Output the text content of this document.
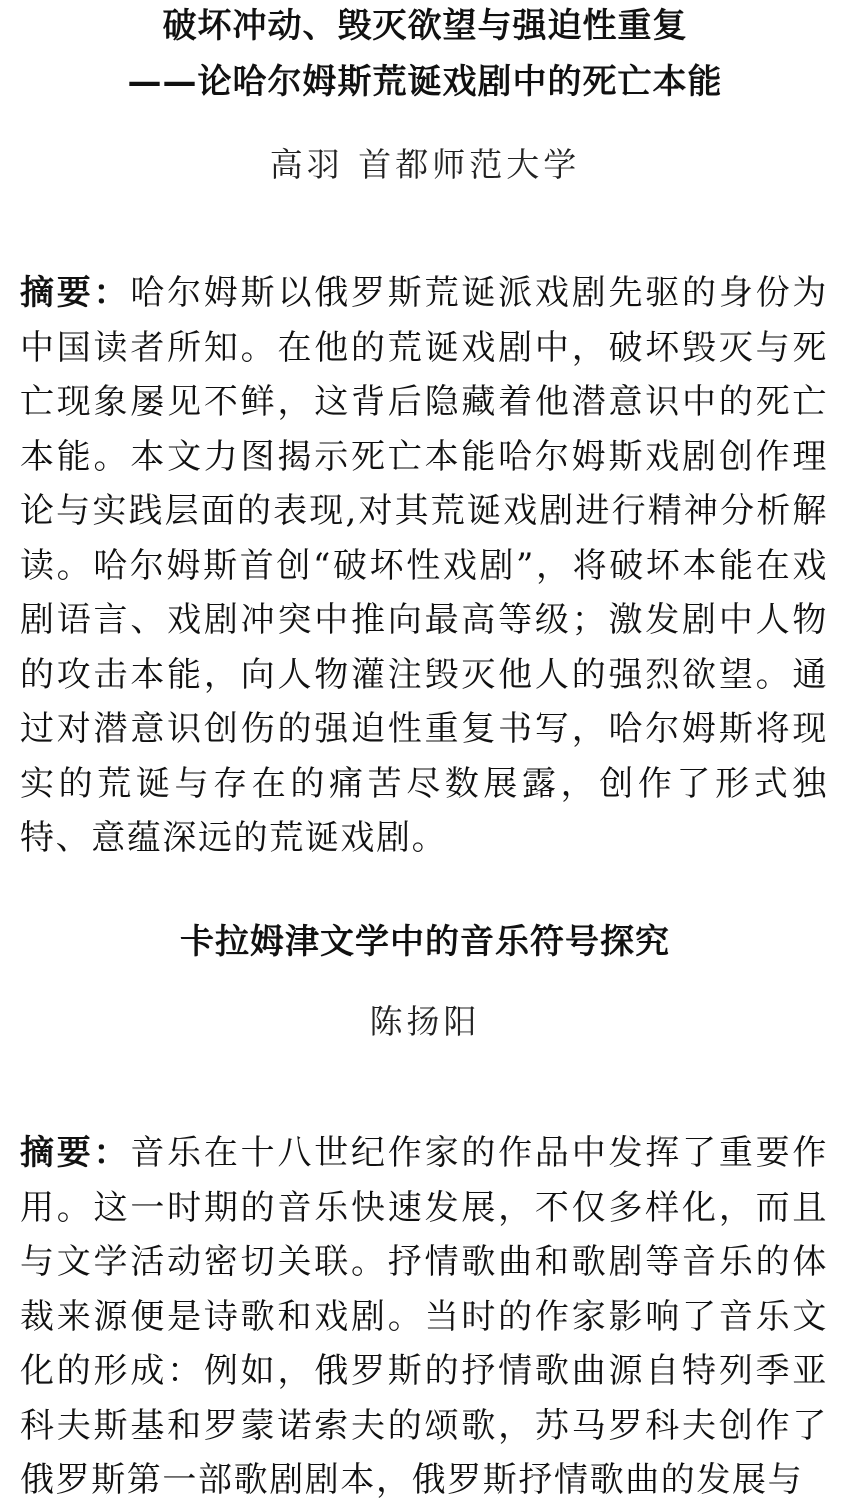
破坏冲动、毁灭欲望与强迫性重复
——论哈尔姆斯荒诞戏剧中的死亡本能

高羽 首都师范大学

摘要：哈尔姆斯以俄罗斯荒诞派戏剧先驱的身份为中国读者所知。在他的荒诞戏剧中，破坏毁灭与死亡现象屡见不鲜，这背后隐藏着他潜意识中的死亡本能。本文力图揭示死亡本能哈尔姆斯戏剧创作理论与实践层面的表现,对其荒诞戏剧进行精神分析解读。哈尔姆斯首创“破坏性戏剧”，将破坏本能在戏剧语言、戏剧冲突中推向最高等级；激发剧中人物的攻击本能，向人物灌注毁灭他人的强烈欲望。通过对潜意识创伤的强迫性重复书写，哈尔姆斯将现实的荒诞与存在的痛苦尽数展露，创作了形式独特、意蕴深远的荒诞戏剧。

卡拉姆津文学中的音乐符号探究

陈扬阳

摘要：音乐在十八世纪作家的作品中发挥了重要作用。这一时期的音乐快速发展，不仅多样化，而且与文学活动密切关联。抒情歌曲和歌剧等音乐的体裁来源便是诗歌和戏剧。当时的作家影响了音乐文化的形成：例如，俄罗斯的抒情歌曲源自特列季亚科夫斯基和罗蒙诺索夫的颂歌，苏马罗科夫创作了俄罗斯第一部歌剧剧本，俄罗斯抒情歌曲的发展与
